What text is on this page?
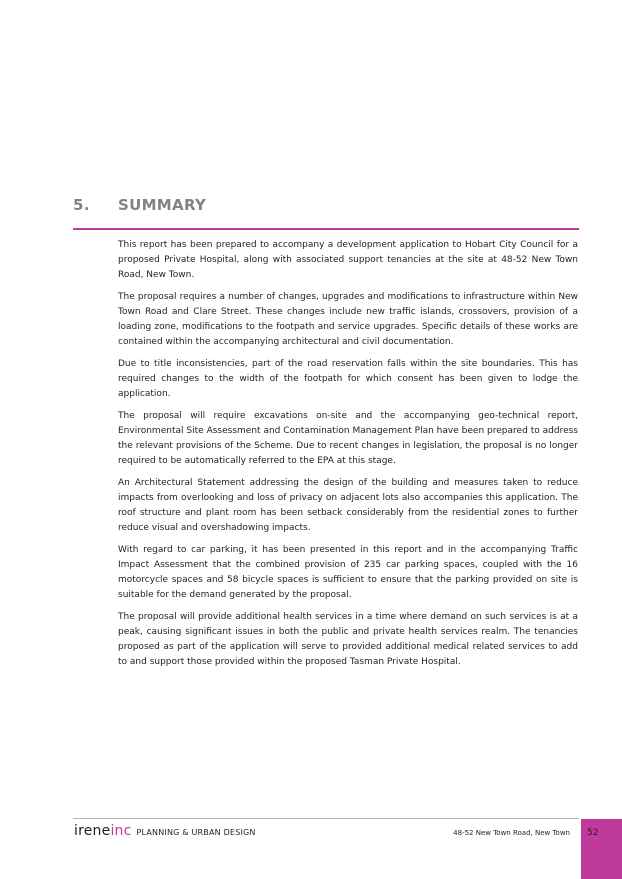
5. SUMMARY

This report has been prepared to accompany a development application to Hobart City Council for a proposed Private Hospital, along with associated support tenancies at the site at 48-52 New Town Road, New Town.

The proposal requires a number of changes, upgrades and modifications to infrastructure within New Town Road and Clare Street. These changes include new traffic islands, crossovers, provision of a loading zone, modifications to the footpath and service upgrades. Specific details of these works are contained within the accompanying architectural and civil documentation.

Due to title inconsistencies, part of the road reservation falls within the site boundaries. This has required changes to the width of the footpath for which consent has been given to lodge the application.

The proposal will require excavations on-site and the accompanying geo-technical report, Environmental Site Assessment and Contamination Management Plan have been prepared to address the relevant provisions of the Scheme. Due to recent changes in legislation, the proposal is no longer required to be automatically referred to the EPA at this stage.

An Architectural Statement addressing the design of the building and measures taken to reduce impacts from overlooking and loss of privacy on adjacent lots also accompanies this application. The roof structure and plant room has been setback considerably from the residential zones to further reduce visual and overshadowing impacts.

With regard to car parking, it has been presented in this report and in the accompanying Traffic Impact Assessment that the combined provision of 235 car parking spaces, coupled with the 16 motorcycle spaces and 58 bicycle spaces is sufficient to ensure that the parking provided on site is suitable for the demand generated by the proposal.

The proposal will provide additional health services in a time where demand on such services is at a peak, causing significant issues in both the public and private health services realm. The tenancies proposed as part of the application will serve to provided additional medical related services to add to and support those provided within the proposed Tasman Private Hospital.

irene inc PLANNING & URBAN DESIGN	48-52 New Town Road, New Town 52
